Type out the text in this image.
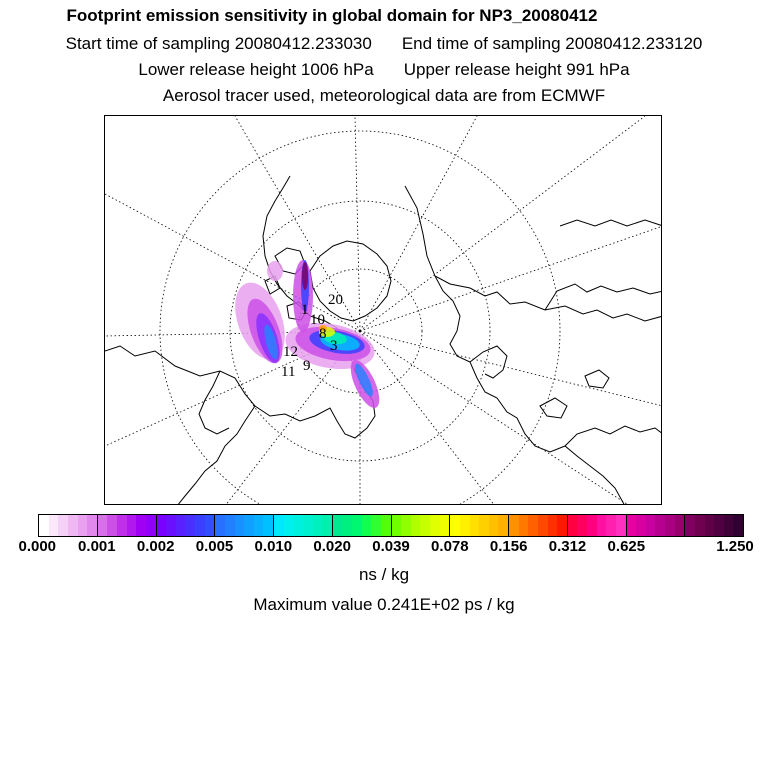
Footprint emission sensitivity in global domain for NP3_20080412
Start time of sampling 20080412.233030 End time of sampling 20080412.233120
Lower release height 1006 hPa Upper release height 991 hPa
Aerosol tracer used, meteorological data are from ECMWF
20
10
8
11
12 3
1
9
0.000 0.001 0.002 0.005 0.010 0.020 0.039 0.078 0.156 0.312 0.625	1.250
ns / kg
Maximum value 0.241E+02 ps / kg
